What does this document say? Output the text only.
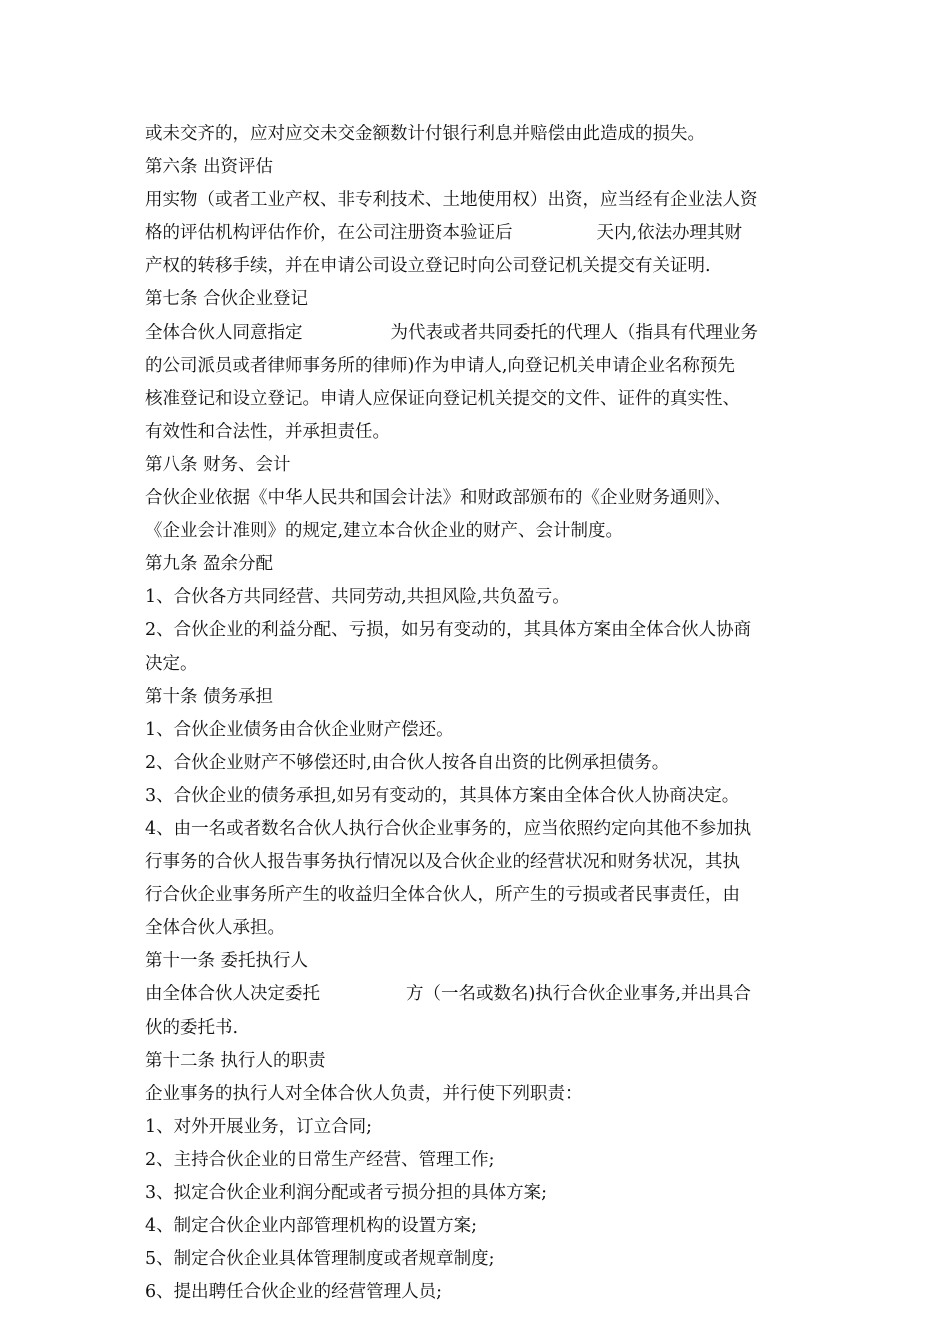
或未交齐的，应对应交未交金额数计付银行利息并赔偿由此造成的损失。
第六条 出资评估
用实物（或者工业产权、非专利技术、土地使用权）出资，应当经有企业法人资
格的评估机构评估作价，在公司注册资本验证后	天内,依法办理其财
产权的转移手续，并在申请公司设立登记时向公司登记机关提交有关证明.
第七条 合伙企业登记
全体合伙人同意指定	为代表或者共同委托的代理人（指具有代理业务
的公司派员或者律师事务所的律师)作为申请人,向登记机关申请企业名称预先
核准登记和设立登记。申请人应保证向登记机关提交的文件、证件的真实性、
有效性和合法性，并承担责任。
第八条 财务、会计
合伙企业依据《中华人民共和国会计法》和财政部颁布的《企业财务通则》、
《企业会计准则》的规定,建立本合伙企业的财产、会计制度。
第九条 盈余分配
1、合伙各方共同经营、共同劳动,共担风险,共负盈亏。
2、合伙企业的利益分配、亏损，如另有变动的，其具体方案由全体合伙人协商
决定。
第十条 债务承担
1、合伙企业债务由合伙企业财产偿还。
2、合伙企业财产不够偿还时,由合伙人按各自出资的比例承担债务。
3、合伙企业的债务承担,如另有变动的，其具体方案由全体合伙人协商决定。
4、由一名或者数名合伙人执行合伙企业事务的，应当依照约定向其他不参加执
行事务的合伙人报告事务执行情况以及合伙企业的经营状况和财务状况，其执
行合伙企业事务所产生的收益归全体合伙人，所产生的亏损或者民事责任，由
全体合伙人承担。
第十一条 委托执行人
由全体合伙人决定委托	方（一名或数名)执行合伙企业事务,并出具合
伙的委托书.
第十二条 执行人的职责
企业事务的执行人对全体合伙人负责，并行使下列职责：
1、对外开展业务，订立合同;
2、主持合伙企业的日常生产经营、管理工作;
3、拟定合伙企业利润分配或者亏损分担的具体方案;
4、制定合伙企业内部管理机构的设置方案;
5、制定合伙企业具体管理制度或者规章制度;
6、提出聘任合伙企业的经营管理人员;
